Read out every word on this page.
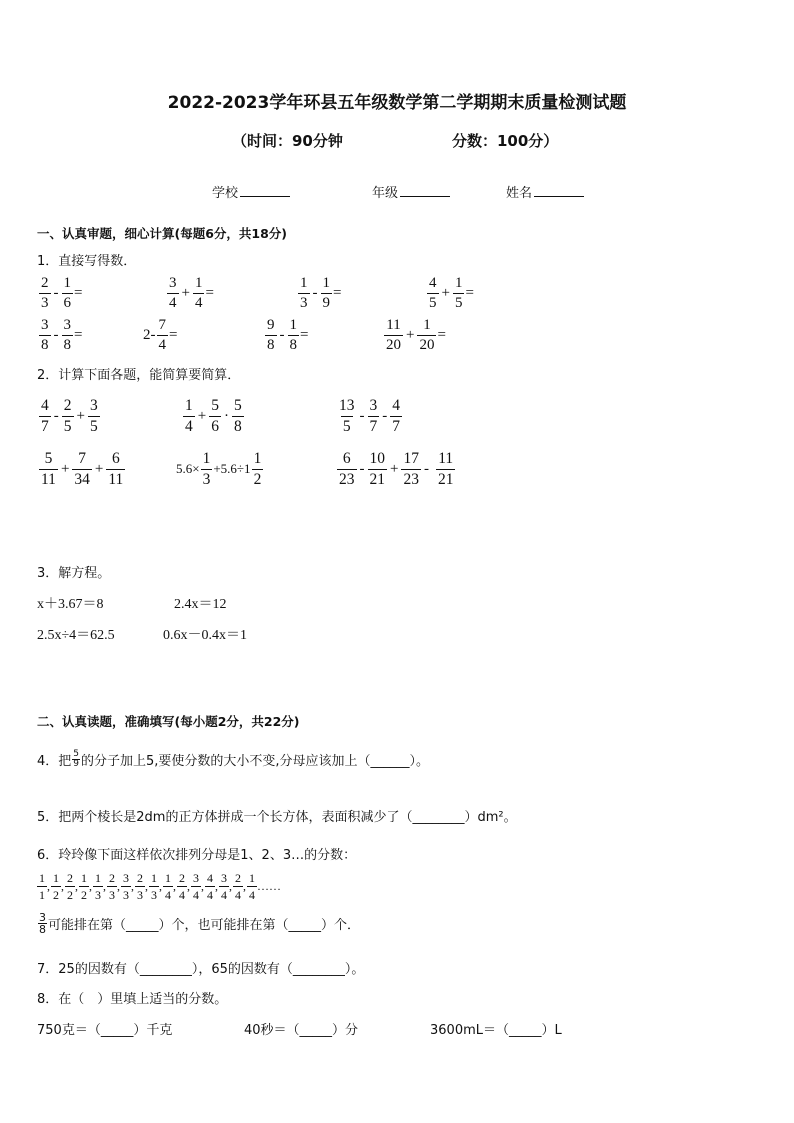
2022-2023学年环县五年级数学第二学期期末质量检测试题
（时间：90分钟	分数：100分）
学校	年级	姓名
一、认真审题，细心计算(每题6分，共18分)
1．直接写得数．
$\frac{2}{3} - \frac{1}{6}$ =	$\frac{3}{4} + \frac{1}{4}$ =	$\frac{1}{3} - \frac{1}{9}$ =	$\frac{4}{5} + \frac{1}{5}$ =
$\frac{3}{8} - \frac{3}{8}$ =	$2- \frac{7}{4}$ =	$\frac{9}{8} - \frac{1}{8}$ =	$\frac{11}{20} + \frac{1}{20}$ =
2．计算下面各题，能简算要简算．
$\frac{4}{7} - \frac{2}{5} + \frac{3}{5}$	$\frac{1}{4} + \frac{5}{6} \cdot \frac{5}{8}$	$\frac{13}{5} - \frac{3}{7} - \frac{4}{7}$
$\frac{5}{11} + \frac{7}{34} + \frac{6}{11}$	$5.6\times \frac{1}{3} +5.6\div 1 \frac{1}{2}$	$\frac{6}{23} - \frac{10}{21} + \frac{17}{23} - \frac{11}{21}$
3．解方程。
x＋3.67＝8	2.4x＝12
2.5x÷4＝62.5	0.6x－0.4x＝1
二、认真读题，准确填写(每小题2分，共22分)
4．把 $\frac{5}{9}$ 的分子加上5,要使分数的大小不变,分母应该加上（______）。
5．把两个棱长是2dm的正方体拼成一个长方体，表面积减少了（________）dm²。
6．玲玲像下面这样依次排列分母是1、2、3…的分数：
$\frac{1}{1}$ , $\frac{1}{2}$ , $\frac{2}{2}$ , $\frac{1}{2}$ , $\frac{1}{3}$ , $\frac{2}{3}$ , $\frac{3}{3}$ , $\frac{2}{3}$ , $\frac{1}{3}$ , $\frac{1}{4}$ , $\frac{2}{4}$ , $\frac{3}{4}$ , $\frac{4}{4}$ , $\frac{3}{4}$ , $\frac{2}{4}$ , $\frac{1}{4}$ ……
$\frac{3}{8}$ 可能排在第（_____）个，也可能排在第（_____）个．
7．25的因数有（________），65的因数有（________）。
8．在（　）里填上适当的分数。
750克＝（_____）千克	40秒＝（_____）分	3600mL＝（_____）L
